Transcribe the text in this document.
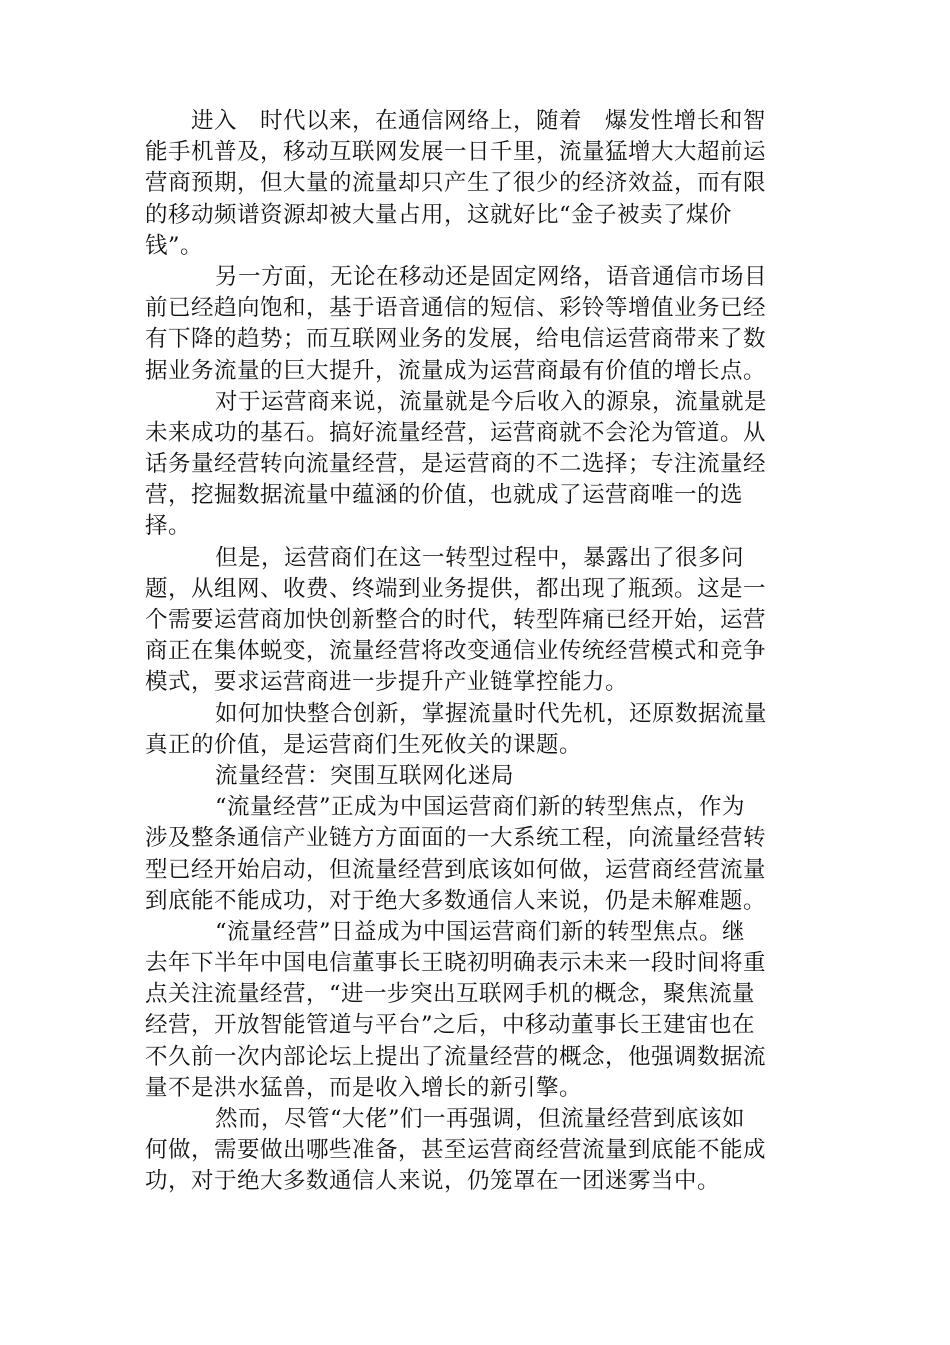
进入   时代以来，在通信网络上，随着   爆发性增长和智
能手机普及，移动互联网发展一日千里，流量猛增大大超前运
营商预期，但大量的流量却只产生了很少的经济效益，而有限
的移动频谱资源却被大量占用，这就好比“金子被卖了煤价
钱”。
另一方面，无论在移动还是固定网络，语音通信市场目
前已经趋向饱和，基于语音通信的短信、彩铃等增值业务已经
有下降的趋势；而互联网业务的发展，给电信运营商带来了数
据业务流量的巨大提升，流量成为运营商最有价值的增长点。
对于运营商来说，流量就是今后收入的源泉，流量就是
未来成功的基石。搞好流量经营，运营商就不会沦为管道。从
话务量经营转向流量经营，是运营商的不二选择；专注流量经
营，挖掘数据流量中蕴涵的价值，也就成了运营商唯一的选
择。
但是，运营商们在这一转型过程中，暴露出了很多问
题，从组网、收费、终端到业务提供，都出现了瓶颈。这是一
个需要运营商加快创新整合的时代，转型阵痛已经开始，运营
商正在集体蜕变，流量经营将改变通信业传统经营模式和竞争
模式，要求运营商进一步提升产业链掌控能力。
如何加快整合创新，掌握流量时代先机，还原数据流量
真正的价值，是运营商们生死攸关的课题。
流量经营：突围互联网化迷局
“流量经营”正成为中国运营商们新的转型焦点，作为
涉及整条通信产业链方方面面的一大系统工程，向流量经营转
型已经开始启动，但流量经营到底该如何做，运营商经营流量
到底能不能成功，对于绝大多数通信人来说，仍是未解难题。
“流量经营”日益成为中国运营商们新的转型焦点。继
去年下半年中国电信董事长王晓初明确表示未来一段时间将重
点关注流量经营，“进一步突出互联网手机的概念，聚焦流量
经营，开放智能管道与平台”之后，中移动董事长王建宙也在
不久前一次内部论坛上提出了流量经营的概念，他强调数据流
量不是洪水猛兽，而是收入增长的新引擎。
然而，尽管“大佬”们一再强调，但流量经营到底该如
何做，需要做出哪些准备，甚至运营商经营流量到底能不能成
功，对于绝大多数通信人来说，仍笼罩在一团迷雾当中。
